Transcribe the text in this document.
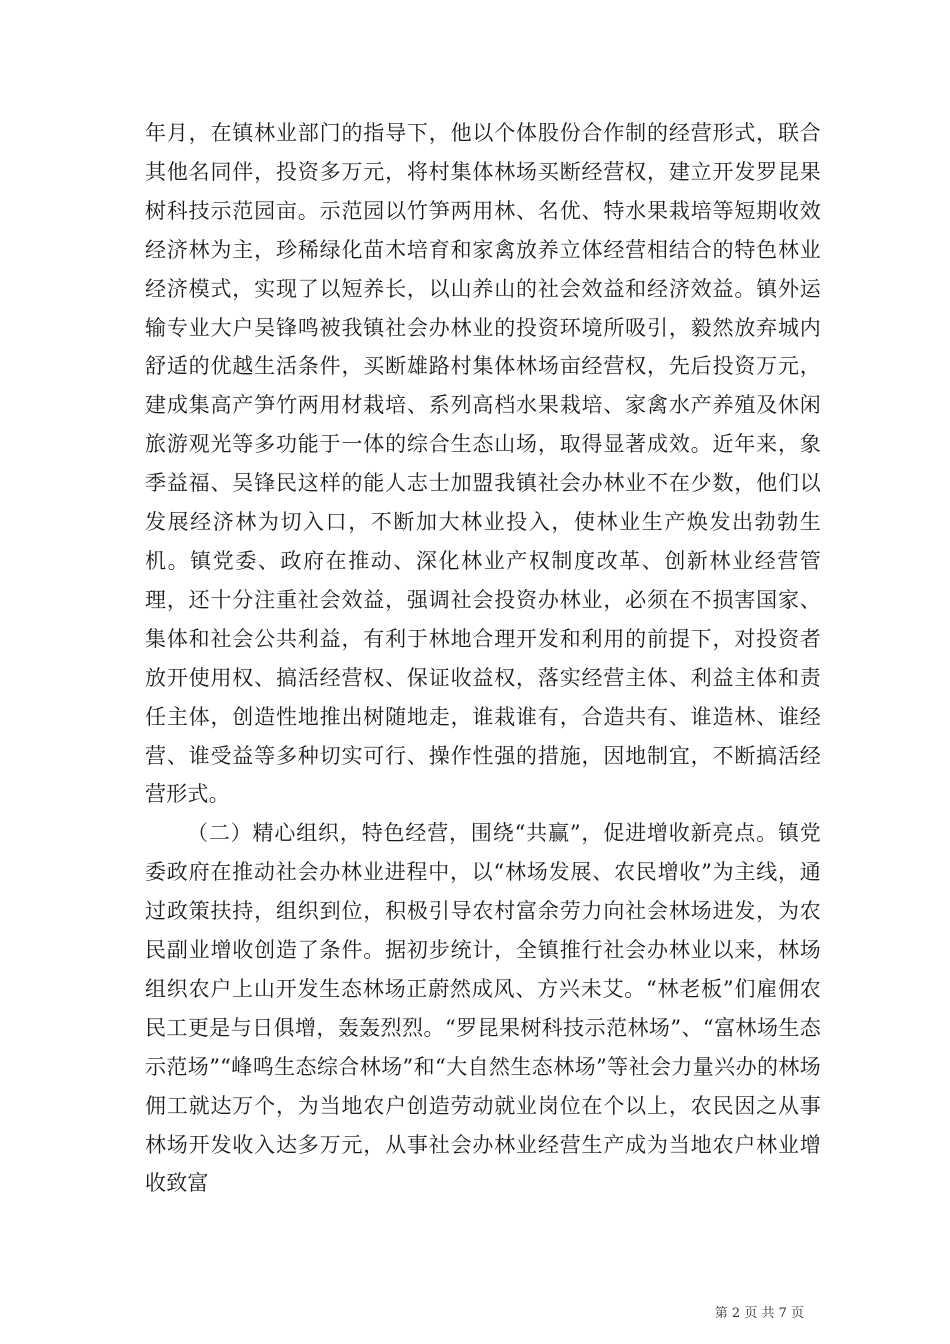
年月，在镇林业部门的指导下，他以个体股份合作制的经营形式，联合其他名同伴，投资多万元，将村集体林场买断经营权，建立开发罗昆果树科技示范园亩。示范园以竹笋两用林、名优、特水果栽培等短期收效经济林为主，珍稀绿化苗木培育和家禽放养立体经营相结合的特色林业经济模式，实现了以短养长，以山养山的社会效益和经济效益。镇外运输专业大户吴锋鸣被我镇社会办林业的投资环境所吸引，毅然放弃城内舒适的优越生活条件，买断雄路村集体林场亩经营权，先后投资万元，建成集高产笋竹两用材栽培、系列高档水果栽培、家禽水产养殖及休闲旅游观光等多功能于一体的综合生态山场，取得显著成效。近年来，象季益福、吴锋民这样的能人志士加盟我镇社会办林业不在少数，他们以发展经济林为切入口，不断加大林业投入，使林业生产焕发出勃勃生机。镇党委、政府在推动、深化林业产权制度改革、创新林业经营管理，还十分注重社会效益，强调社会投资办林业，必须在不损害国家、集体和社会公共利益，有利于林地合理开发和利用的前提下，对投资者放开使用权、搞活经营权、保证收益权，落实经营主体、利益主体和责任主体，创造性地推出树随地走，谁栽谁有，合造共有、谁造林、谁经营、谁受益等多种切实可行、操作性强的措施，因地制宜，不断搞活经营形式。

（二）精心组织，特色经营，围绕“共赢”，促进增收新亮点。镇党委政府在推动社会办林业进程中，以“林场发展、农民增收”为主线，通过政策扶持，组织到位，积极引导农村富余劳力向社会林场进发，为农民副业增收创造了条件。据初步统计，全镇推行社会办林业以来，林场组织农户上山开发生态林场正蔚然成风、方兴未艾。“林老板”们雇佣农民工更是与日俱增，轰轰烈烈。“罗昆果树科技示范林场”、“富林场生态示范场”“峰鸣生态综合林场”和“大自然生态林场”等社会力量兴办的林场佣工就达万个，为当地农户创造劳动就业岗位在个以上，农民因之从事林场开发收入达多万元，从事社会办林业经营生产成为当地农户林业增收致富

第 2 页 共 7 页
